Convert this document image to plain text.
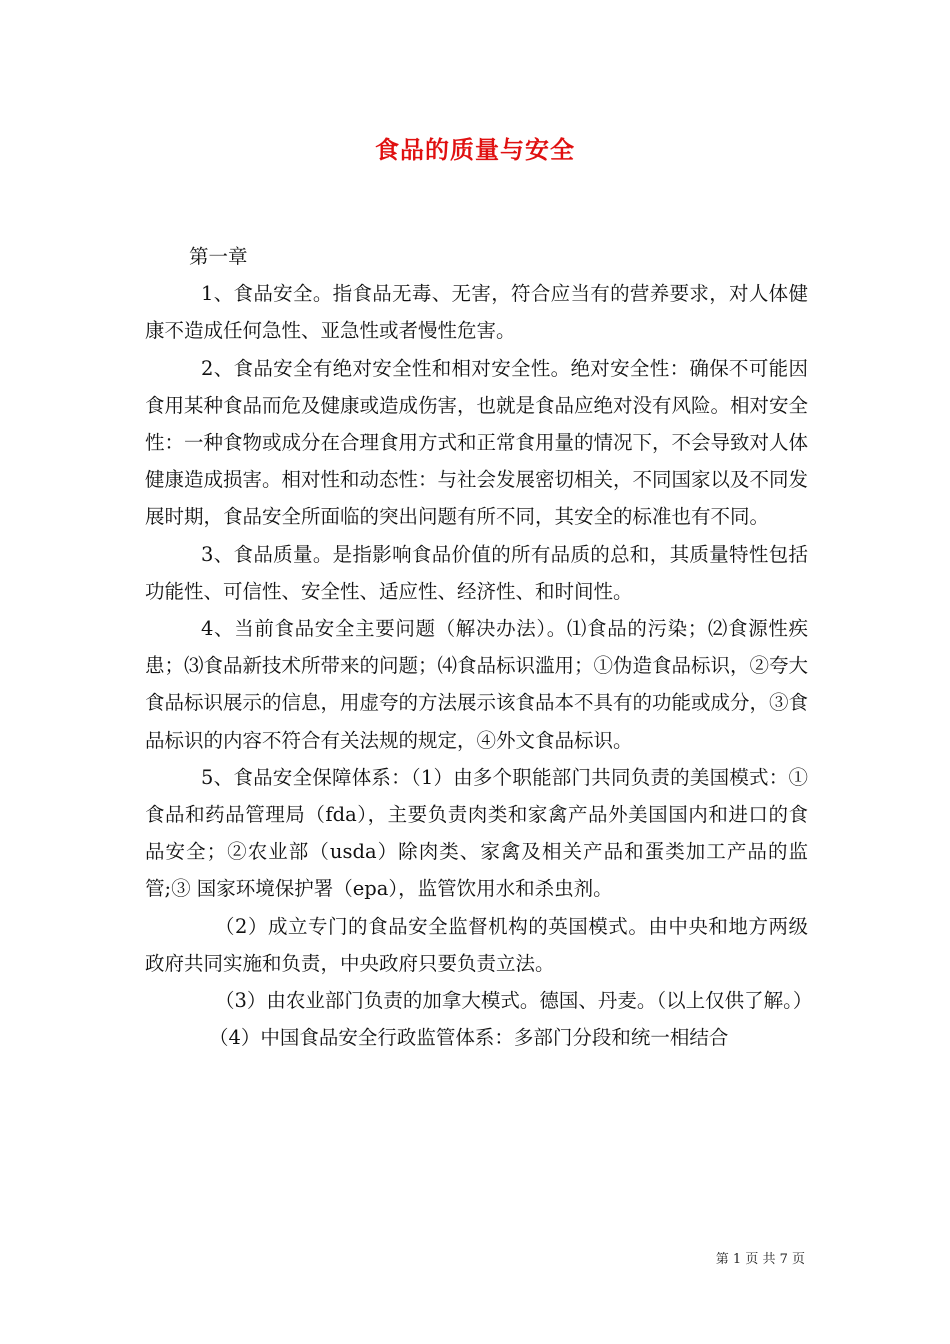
食品的质量与安全

第一章

1、食品安全。指食品无毒、无害，符合应当有的营养要求，对人体健康不造成任何急性、亚急性或者慢性危害。

2、食品安全有绝对安全性和相对安全性。绝对安全性：确保不可能因食用某种食品而危及健康或造成伤害，也就是食品应绝对没有风险。相对安全性：一种食物或成分在合理食用方式和正常食用量的情况下，不会导致对人体健康造成损害。相对性和动态性：与社会发展密切相关，不同国家以及不同发展时期，食品安全所面临的突出问题有所不同，其安全的标准也有不同。

3、食品质量。是指影响食品价值的所有品质的总和，其质量特性包括功能性、可信性、安全性、适应性、经济性、和时间性。

4、当前食品安全主要问题（解决办法）。⑴食品的污染；⑵食源性疾患；⑶食品新技术所带来的问题；⑷食品标识滥用；①伪造食品标识，②夸大食品标识展示的信息，用虚夸的方法展示该食品本不具有的功能或成分，③食品标识的内容不符合有关法规的规定，④外文食品标识。

5、食品安全保障体系：（1）由多个职能部门共同负责的美国模式：①食品和药品管理局（fda），主要负责肉类和家禽产品外美国国内和进口的食品安全；②农业部（usda）除肉类、家禽及相关产品和蛋类加工产品的监管;③ 国家环境保护署（epa），监管饮用水和杀虫剂。

（2）成立专门的食品安全监督机构的英国模式。由中央和地方两级政府共同实施和负责，中央政府只要负责立法。

（3）由农业部门负责的加拿大模式。德国、丹麦。（以上仅供了解。）

（4）中国食品安全行政监管体系：多部门分段和统一相结合

第 1 页 共 7 页
